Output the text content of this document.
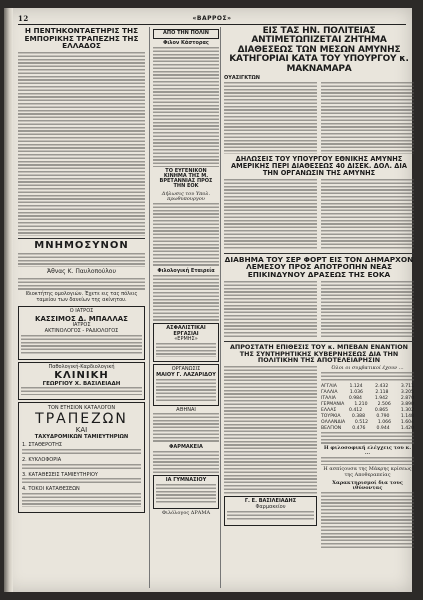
12	«ΒΑΡΡΟΣ»
Η ΠΕΝΤΗΚΟΝΤΑΕΤΗΡΙΣ ΤΗΣ ΕΜΠΟΡΙΚΗΣ ΤΡΑΠΕΖΗΣ ΤΗΣ ΕΛΛΑΔΟΣ
ΜΝΗΜΟΣΥΝΟΝ
Άθνας Κ. Παυλοπούλου
Ιδιοκτήτης ομολογιών. Έχετε εις τας πόλεις ταμείου των δανείων της ακίνητου.
Ο ΙΑΤΡΟΣ
ΚΑΣΣΙΜΟΣ Δ. ΜΠΑΛΛΑΣ
ΙΑΤΡΟΣ
ΑΚΤΙΝΟΛΟΓΟΣ - ΡΑΔΙΟΛΟΓΟΣ
Παθολογική-Καρδιολογική
ΚΛΙΝΙΚΗ
ΓΕΩΡΓΙΟΥ Χ. ΒΑΣΙΛΕΙΑΔΗ
ΤΟΝ ΕΤΗΣΙΟΝ ΚΑΤΑΛΟΓΟΝ
ΤΡΑΠΕΖΩΝ
ΚΑΙ
ΤΑΧΥΔΡΟΜΙΚΩΝ ΤΑΜΙΕΥΤΗΡΙΩΝ
1. ΣΤΑΘΕΡΟΤΗΣ
2. ΚΥΚΛΟΦΟΡΙΑ
3. ΚΑΤΑΘΕΣΕΙΣ ΤΑΜΙΕΥΤΗΡΙΟΥ
4. ΤΟΚΟΙ ΚΑΤΑΘΕΣΕΩΝ
ΑΠΟ ΤΗΝ ΠΟΛΙΝ
Φιλον Κάστορας
ΤΟ ΕΥΓΕΝΙΚΟΝ ΚΙΝΗΜΑ ΤΗΣ Μ. ΒΡΕΤΑΝΝΙΑΣ ΠΡΟΣ ΤΗΝ ΕΟΚ
Δήλωσις του Υπολ. πρωθυπουργου
Φιλολογική Εταιρεία
ΑΣΦΑΛΙΣΤΙΚΑΙ ΕΡΓΑΣΙΑΙ
«ΕΡΜΗΣ»
ΟΡΓΑΝΩΣΙΣ
ΜΑΙΟΥ Γ. ΛΑΖΑΡΙΔΟΥ
ΑΘΗΝΑΙ
ΦΑΡΜΑΚΕΙΑ
ΙΑ ΓΥΜΝΑΣΙΟΥ
Φιλόλογος ΔΡΑΜΑ
ΕΙΣ ΤΑΣ ΗΝ. ΠΟΛΙΤΕΙΑΣ ΑΝΤΙΜΕΤΩΠΙΖΕΤΑΙ ΖΗΤΗΜΑ ΔΙΑΘΕΣΕΩΣ ΤΩΝ ΜΕΣΩΝ ΑΜΥΝΗΣ ΚΑΤΗΓΟΡΙΑΙ ΚΑΤΑ ΤΟΥ ΥΠΟΥΡΓΟΥ κ. ΜΑΚΝΑΜΑΡΑ
ΟΥΑΣΙΓΚΤΩΝ
ΔΗΛΩΣΕΙΣ ΤΟΥ ΥΠΟΥΡΓΟΥ ΕΘΝΙΚΗΣ ΑΜΥΝΗΣ ΑΜΕΡΙΚΗΣ ΠΕΡΙ ΔΙΑΘΕΣΕΩΣ 40 ΔΙΣΕΚ. ΔΟΛ. ΔΙΑ ΤΗΝ ΟΡΓΑΝΩΣΙΝ ΤΗΣ ΑΜΥΝΗΣ
ΔΙΑΒΗΜΑ ΤΟΥ ΣΕΡ ΦΟΡΤ ΕΙΣ ΤΟΝ ΔΗΜΑΡΧΟΝ ΛΕΜΕΣΟΥ ΠΡΟΣ ΑΠΟΤΡΟΠΗΝ ΝΕΑΣ ΕΠΙΚΙΝΔΥΝΟΥ ΔΡΑΣΕΩΣ ΤΗΣ ΕΟΚΑ
ΑΠΡΟΣΤΑΤΗ ΕΠΙΘΕΣΙΣ ΤΟΥ κ. ΜΠΕΒΑΝ ΕΝΑΝΤΙΟΝ ΤΗΣ ΣΥΝΤΗΡΗΤΙΚΗΣ ΚΥΒΕΡΝΗΣΕΩΣ ΔΙΑ ΤΗΝ ΠΟΛΙΤΙΚΗΝ ΤΗΣ ΑΠΟΤΕΛΕΙΑΡΗΣΙΝ
Γ. Ε. ΒΑΣΙΛΕΙΑΔΗΣ
Φαρμακείον
Όλοι οι συμβατικοί έχουν ...
ΑΓΓΛΙΑ	1.124	2.432	3.711
ΓΑΛΛΙΑ	1.036	2.118	3.205
ΙΤΑΛΙΑ	0.984	1.942	2.870
ΓΕΡΜΑΝΙΑ 1.210 2.506 3.890
ΕΛΛΑΣ	0.412	0.865	1.302
ΤΟΥΡΚΙΑ 0.388 0.790 1.148
ΟΛΛΑΝΔΙΑ 0.512 1.066 1.604
ΒΕΛΓΙΟΝ 0.476 0.944 1.420
Η φιλοσοφική ελέγχεις του κ. ...
Η ασπίςουσα της Μάκρης κρίσεως της Αποθεραπείας
Χαρακτηρισμοί δια τους ιθύνοντας
